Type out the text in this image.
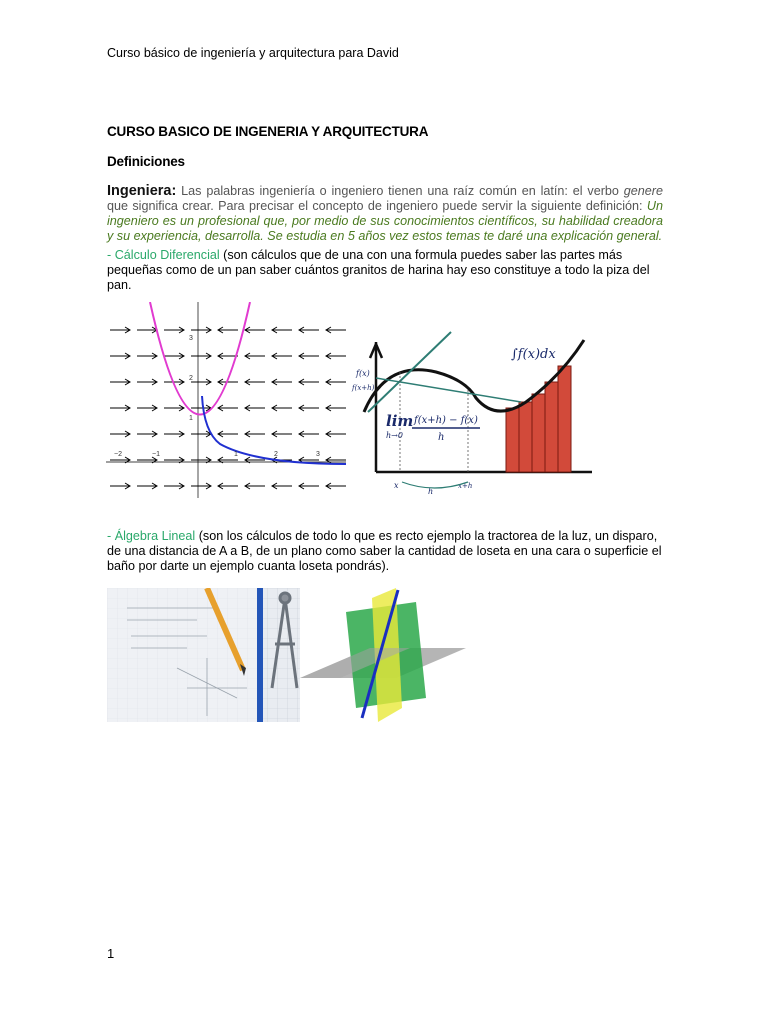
Curso básico de ingeniería y arquitectura para David
CURSO BASICO DE INGENERIA Y ARQUITECTURA
Definiciones
Ingeniera: Las palabras ingeniería o ingeniero tienen una raíz común en latín: el verbo genere que significa crear. Para precisar el concepto de ingeniero puede servir la siguiente definición: Un ingeniero es un profesional que, por medio de sus conocimientos científicos, su habilidad creadora y su experiencia, desarrolla. Se estudia en 5 años vez estos temas te daré una explicación general.
- Cálculo Diferencial (son cálculos que de una con una formula puedes saber las partes más pequeñas como de un pan saber cuántos granitos de harina hay eso constituye a todo la piza del pan.
−2	−1	1	2	3
3
2
1
f(x)
f(x+h)
∫f(x)dx
lim
h→0
f(x+h) − f(x)
h
x	x+h
h
- Álgebra Lineal (son los cálculos de todo lo que es recto ejemplo la tractorea de la luz, un disparo, de una distancia de A a B, de un plano como saber la cantidad de loseta en una cara o superficie el baño por darte un ejemplo cuanta loseta pondrás).
1
